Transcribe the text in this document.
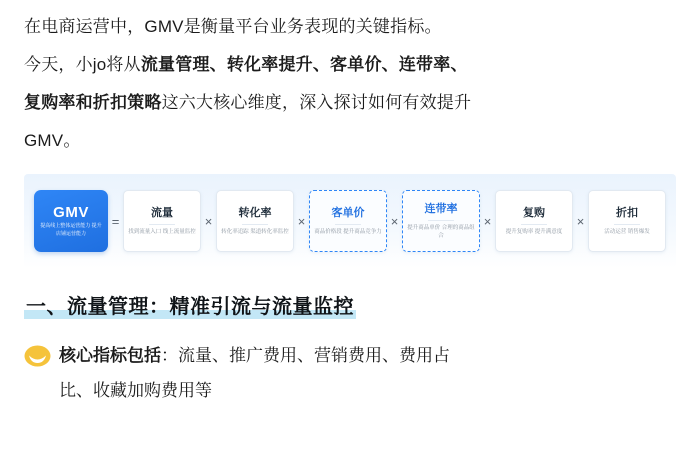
在电商运营中，GMV是衡量平台业务表现的关键指标。
今天，小jo将从流量管理、转化率提升、客单价、连带率、
复购率和折扣策略这六大核心维度，深入探讨如何有效提升
GMV。
GMV
提高线上整体运营能力 提升店铺运营能力
=
流量
找到流量入口 线上流量监控
×
转化率
转化率追踪 渠道转化率监控
×
客单价
商品价格段 提升商品竞争力
×
连带率
提升商品单价 合理的商品组合
×
复购
提升复购率 提升满意度
×
折扣
活动运营 销售爆发
一、流量管理：精准引流与流量监控
核心指标包括：流量、推广费用、营销费用、费用占
比、收藏加购费用等
